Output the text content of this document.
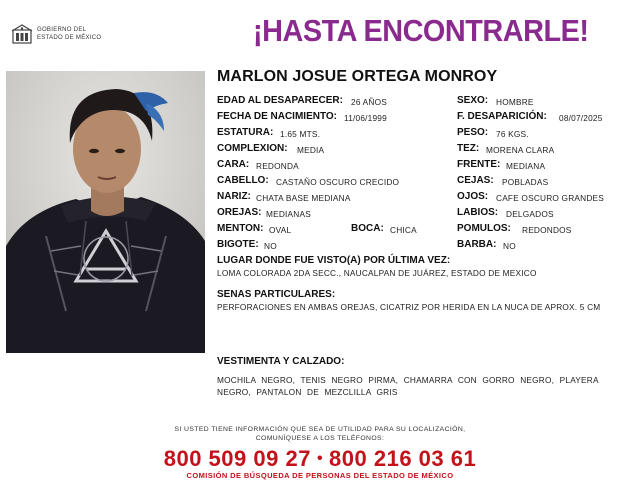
GOBIERNO DEL
ESTADO DE MÉXICO	¡HASTA ENCONTRARLE!
MARLON JOSUE ORTEGA MONROY
EDAD AL DESAPARECER: 26 AÑOS
FECHA DE NACIMIENTO: 11/06/1999
ESTATURA: 1.65 MTS.
COMPLEXION: MEDIA
CARA: REDONDA
CABELLO: CASTAÑO OSCURO CRECIDO
NARIZ: CHATA BASE MEDIANA
OREJAS: MEDIANAS
MENTON: OVAL	BOCA: CHICA
BIGOTE: NO
SEXO: HOMBRE
F. DESAPARICIÓN: 08/07/2025
PESO: 76 KGS.
TEZ: MORENA CLARA
FRENTE: MEDIANA
CEJAS: POBLADAS
OJOS: CAFE OSCURO GRANDES
LABIOS: DELGADOS
POMULOS: REDONDOS
BARBA: NO
LUGAR DONDE FUE VISTO(A) POR ÚLTIMA VEZ:
LOMA COLORADA 2DA SECC., NAUCALPAN DE JUÁREZ, ESTADO DE MEXICO
SENAS PARTICULARES:
PERFORACIONES EN AMBAS OREJAS, CICATRIZ POR HERIDA EN LA NUCA DE APROX. 5 CM
VESTIMENTA Y CALZADO:
MOCHILA NEGRO, TENIS NEGRO PIRMA, CHAMARRA CON GORRO NEGRO, PLAYERA NEGRO, PANTALON DE MEZCLILLA GRIS
SI USTED TIENE INFORMACIÓN QUE SEA DE UTILIDAD PARA SU LOCALIZACIÓN,
COMUNÍQUESE A LOS TELÉFONOS:
800 509 09 27 • 800 216 03 61
COMISIÓN DE BÚSQUEDA DE PERSONAS DEL ESTADO DE MÉXICO
